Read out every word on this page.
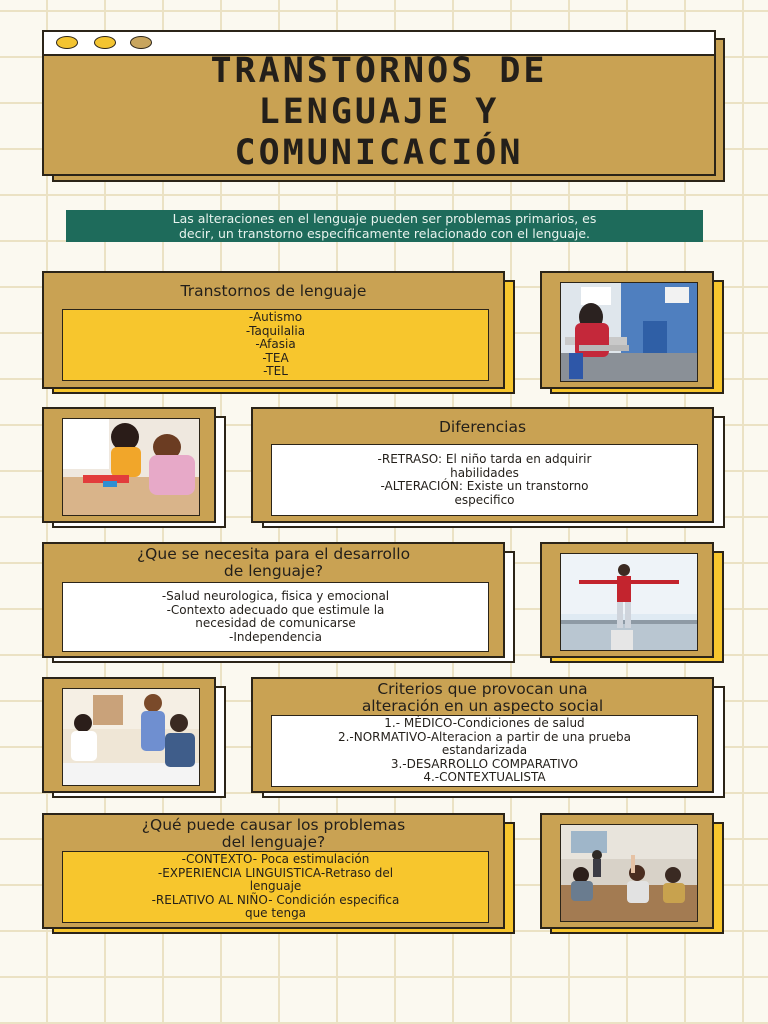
TRANSTORNOS DE
LENGUAJE Y
COMUNICACIÓN
Las alteraciones en el lenguaje pueden ser problemas primarios, es
decir, un transtorno especificamente relacionado con el lenguaje.
Transtornos de lenguaje
-Autismo
-Taquilalia
-Afasia
-TEA
-TEL
Diferencias
-RETRASO: El niño tarda en adquirir
habilidades
-ALTERACIÓN: Existe un transtorno
especifico
¿Que se necesita para el desarrollo
de lenguaje?
-Salud neurologica, fisica y emocional
-Contexto adecuado que estimule la
necesidad de comunicarse
-Independencia
Criterios que provocan una
alteración en un aspecto social
1.- MÉDICO-Condiciones de salud
2.-NORMATIVO-Alteracion a partir de una prueba
estandarizada
3.-DESARROLLO COMPARATIVO
4.-CONTEXTUALISTA
¿Qué puede causar los problemas
del lenguaje?
-CONTEXTO- Poca estimulación
-EXPERIENCIA LINGUISTICA-Retraso del
lenguaje
-RELATIVO AL NIÑO- Condición especifica
que tenga
